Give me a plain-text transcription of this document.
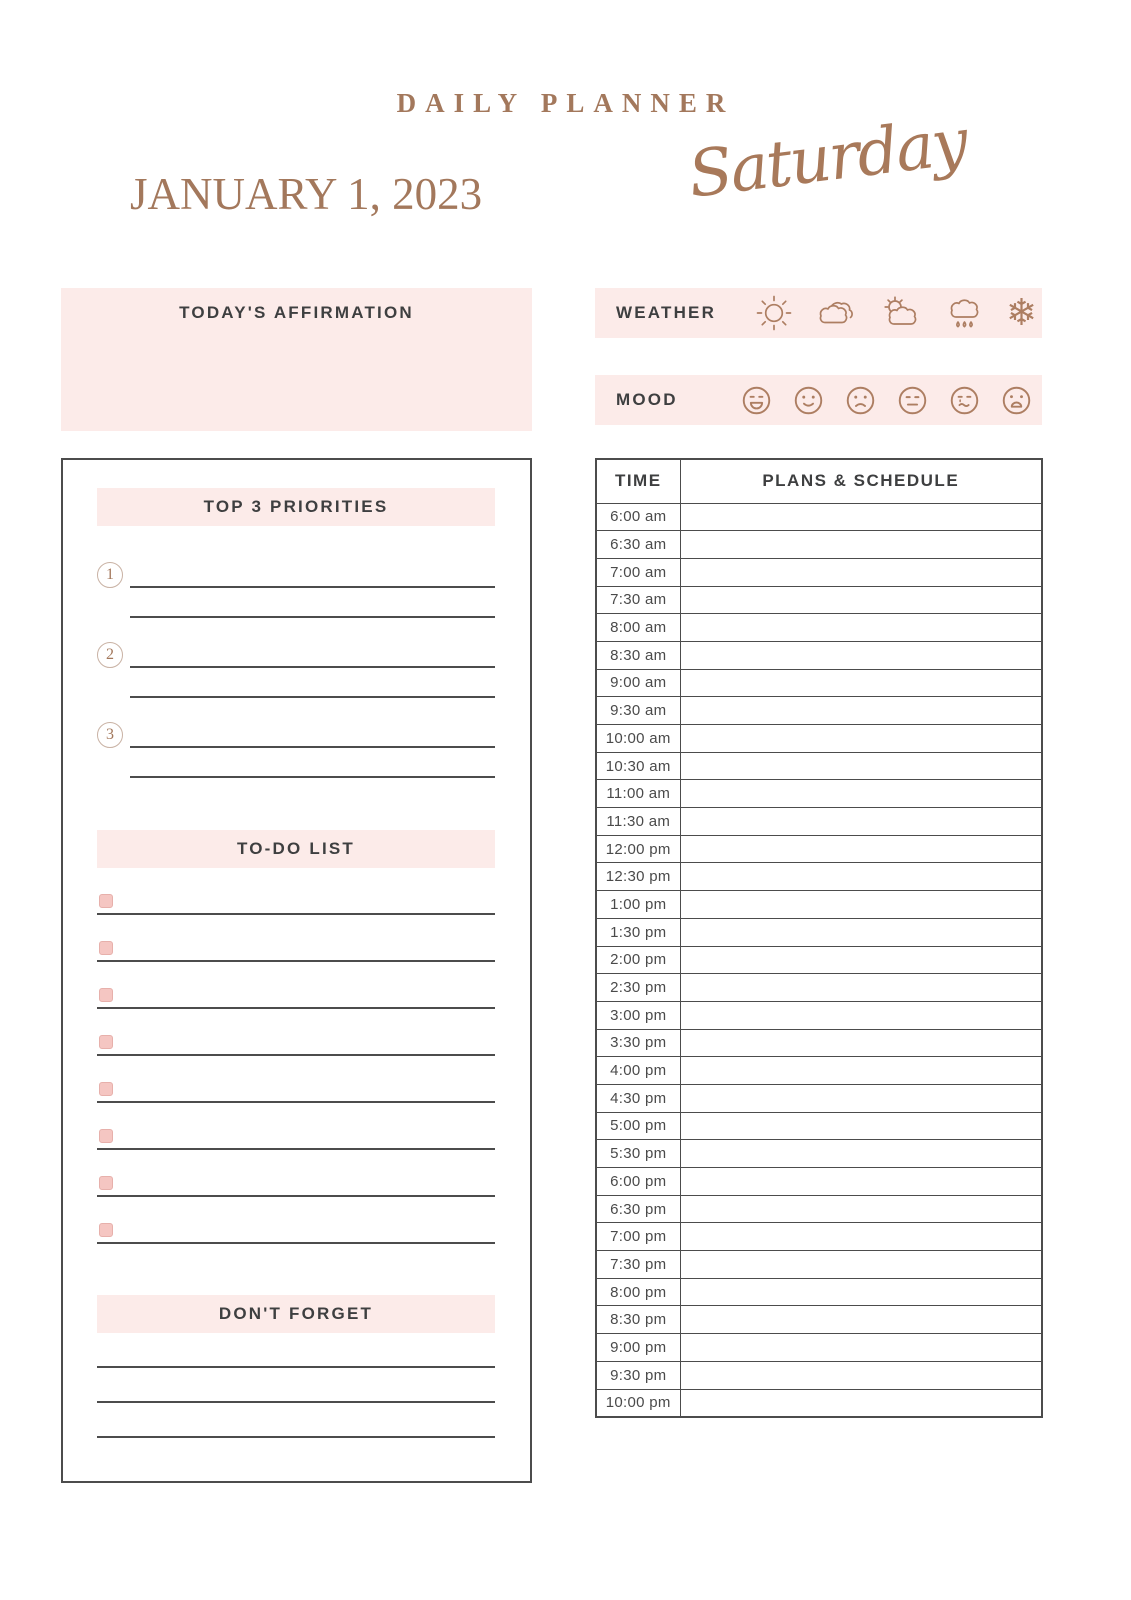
DAILY PLANNER
JANUARY 1, 2023	Saturday
TODAY'S AFFIRMATION	WEATHER	❄
MOOD
TOP 3 PRIORITIES
1
2
3
TO-DO LIST
DON'T FORGET
TIME	PLANS & SCHEDULE
6:00 am	
6:30 am	
7:00 am	
7:30 am	
8:00 am	
8:30 am	
9:00 am	
9:30 am	
10:00 am	
10:30 am	
11:00 am	
11:30 am	
12:00 pm	
12:30 pm	
1:00 pm	
1:30 pm	
2:00 pm	
2:30 pm	
3:00 pm	
3:30 pm	
4:00 pm	
4:30 pm	
5:00 pm	
5:30 pm	
6:00 pm	
6:30 pm	
7:00 pm	
7:30 pm	
8:00 pm	
8:30 pm	
9:00 pm	
9:30 pm	
10:00 pm	
